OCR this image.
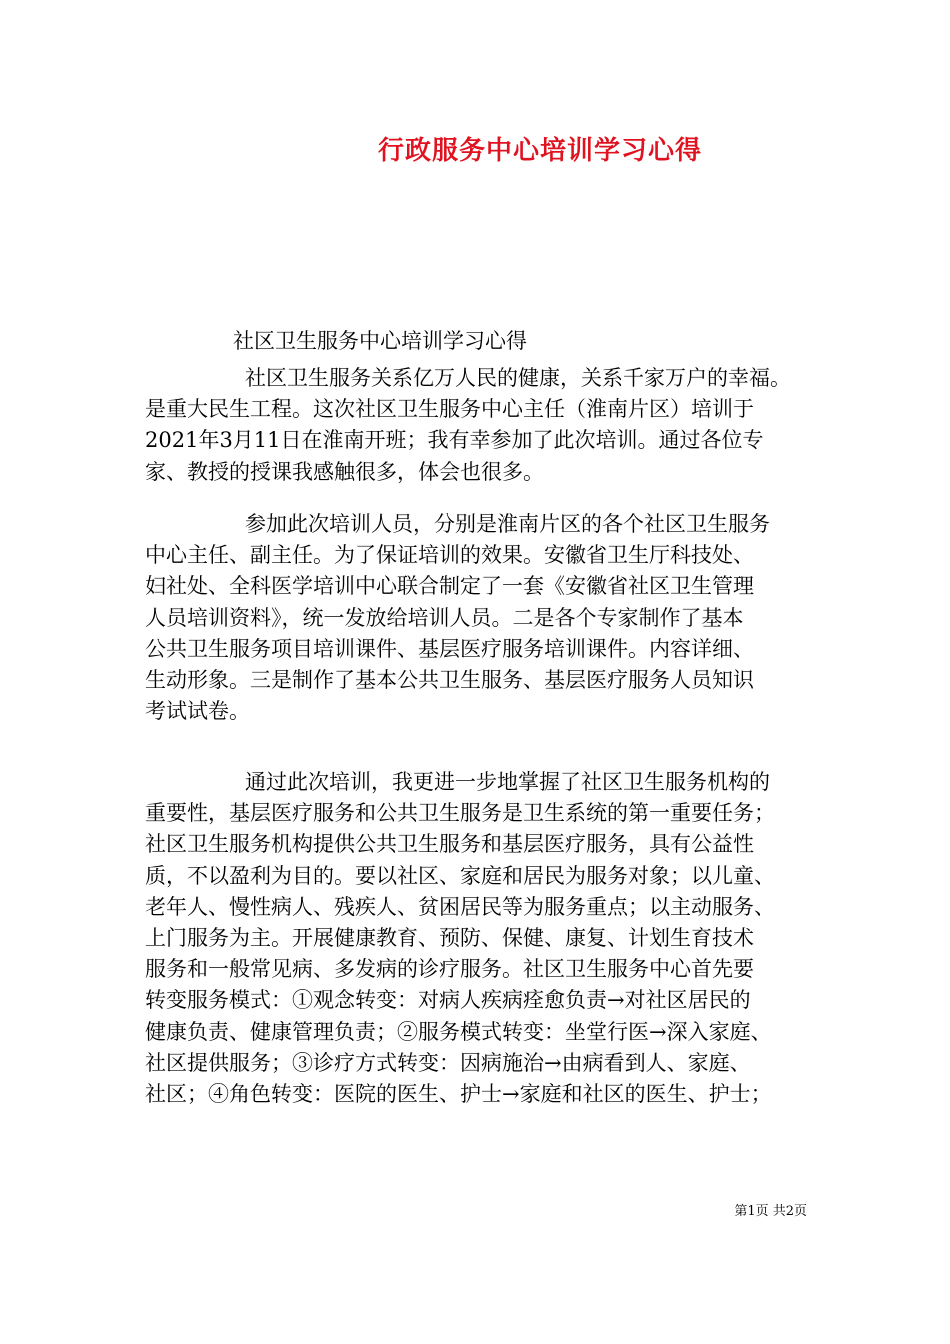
行政服务中心培训学习心得
社区卫生服务中心培训学习心得

社区卫生服务关系亿万人民的健康，关系千家万户的幸福。
是重大民生工程。这次社区卫生服务中心主任（淮南片区）培训于
2021年3月11日在淮南开班；我有幸参加了此次培训。通过各位专
家、教授的授课我感触很多，体会也很多。

参加此次培训人员，分别是淮南片区的各个社区卫生服务
中心主任、副主任。为了保证培训的效果。安徽省卫生厅科技处、
妇社处、全科医学培训中心联合制定了一套《安徽省社区卫生管理
人员培训资料》，统一发放给培训人员。二是各个专家制作了基本
公共卫生服务项目培训课件、基层医疗服务培训课件。内容详细、
生动形象。三是制作了基本公共卫生服务、基层医疗服务人员知识
考试试卷。

通过此次培训，我更进一步地掌握了社区卫生服务机构的
重要性，基层医疗服务和公共卫生服务是卫生系统的第一重要任务；
社区卫生服务机构提供公共卫生服务和基层医疗服务，具有公益性
质，不以盈利为目的。要以社区、家庭和居民为服务对象；以儿童、
老年人、慢性病人、残疾人、贫困居民等为服务重点；以主动服务、
上门服务为主。开展健康教育、预防、保健、康复、计划生育技术
服务和一般常见病、多发病的诊疗服务。社区卫生服务中心首先要
转变服务模式：①观念转变：对病人疾病痊愈负责→对社区居民的
健康负责、健康管理负责；②服务模式转变：坐堂行医→深入家庭、
社区提供服务；③诊疗方式转变：因病施治→由病看到人、家庭、
社区；④角色转变：医院的医生、护士→家庭和社区的医生、护士；

第1页 共2页
